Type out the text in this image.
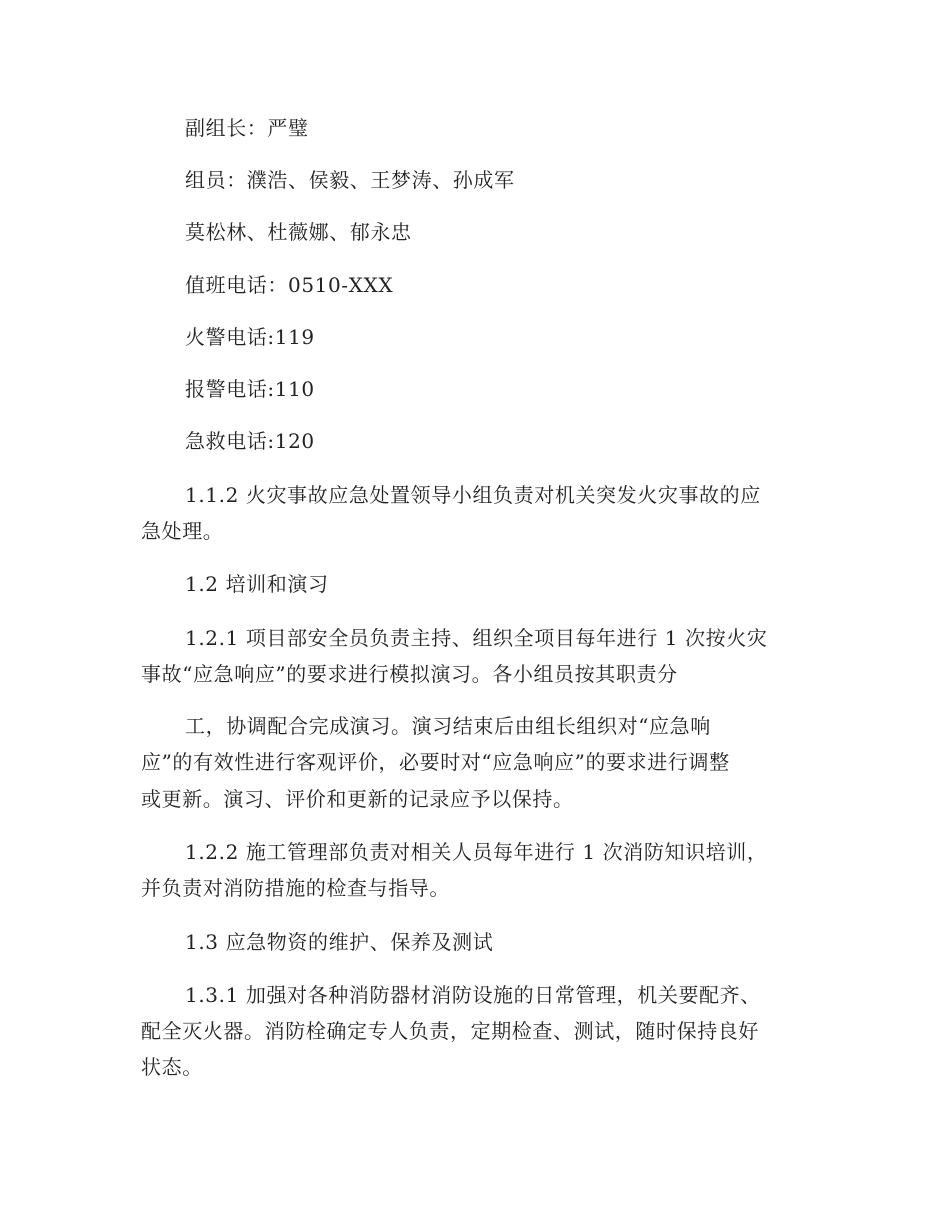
副组长：严璧
组员：濮浩、侯毅、王梦涛、孙成军
莫松林、杜薇娜、郁永忠
值班电话：0510-XXX
火警电话:119
报警电话:110
急救电话:120
1.1.2 火灾事故应急处置领导小组负责对机关突发火灾事故的应
急处理。
1.2 培训和演习
1.2.1 项目部安全员负责主持、组织全项目每年进行 1 次按火灾
事故“应急响应”的要求进行模拟演习。各小组员按其职责分
工，协调配合完成演习。演习结束后由组长组织对“应急响
应”的有效性进行客观评价，必要时对“应急响应”的要求进行调整
或更新。演习、评价和更新的记录应予以保持。
1.2.2 施工管理部负责对相关人员每年进行 1 次消防知识培训，
并负责对消防措施的检查与指导。
1.3 应急物资的维护、保养及测试
1.3.1 加强对各种消防器材消防设施的日常管理，机关要配齐、
配全灭火器。消防栓确定专人负责，定期检查、测试，随时保持良好
状态。
